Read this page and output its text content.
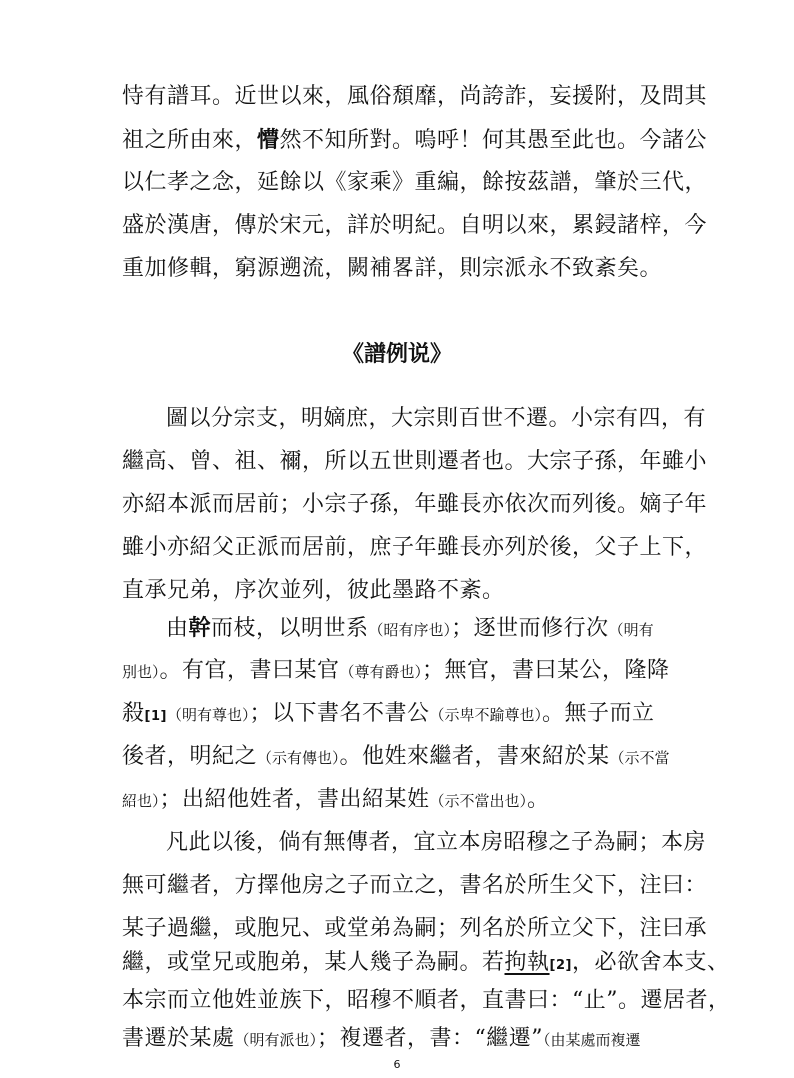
恃有譜耳。近世以來，風俗頹靡，尚誇詐，妄援附，及問其
祖之所由來，懵然不知所對。嗚呼！何其愚至此也。今諸公
以仁孝之念，延餘以《家乘》重編，餘按茲譜，肇於三代，
盛於漢唐，傳於宋元，詳於明紀。自明以來，累鋟諸梓，今
重加修輯，窮源遡流，闕補畧詳，則宗派永不致紊矣。
《譜例说》
圖以分宗支，明嫡庶，大宗則百世不遷。小宗有四，有
繼高、曾、祖、禰，所以五世則遷者也。大宗子孫，年雖小
亦紹本派而居前；小宗子孫，年雖長亦依次而列後。嫡子年
雖小亦紹父正派而居前，庶子年雖長亦列於後，父子上下，
直承兄弟，序次並列，彼此墨路不紊。
由幹而枝，以明世系（昭有序也）；逐世而修行次（明有
別也）。有官，書曰某官（尊有爵也）；無官，書曰某公，隆降
殺[1]（明有尊也）；以下書名不書公（示卑不踰尊也）。無子而立
後者，明紀之（示有傳也）。他姓來繼者，書來紹於某（示不當
紹也）；出紹他姓者，書出紹某姓（示不當出也）。
凡此以後，倘有無傳者，宜立本房昭穆之子為嗣；本房
無可繼者，方擇他房之子而立之，書名於所生父下，注曰：
某子過繼，或胞兄、或堂弟為嗣；列名於所立父下，注曰承
繼，或堂兄或胞弟，某人幾子為嗣。若拘執[2]，必欲舍本支、
6
本宗而立他姓並族下，昭穆不順者，直書曰：“止”。遷居者，
書遷於某處（明有派也）；複遷者，書：“繼遷”（由某處而複遷
